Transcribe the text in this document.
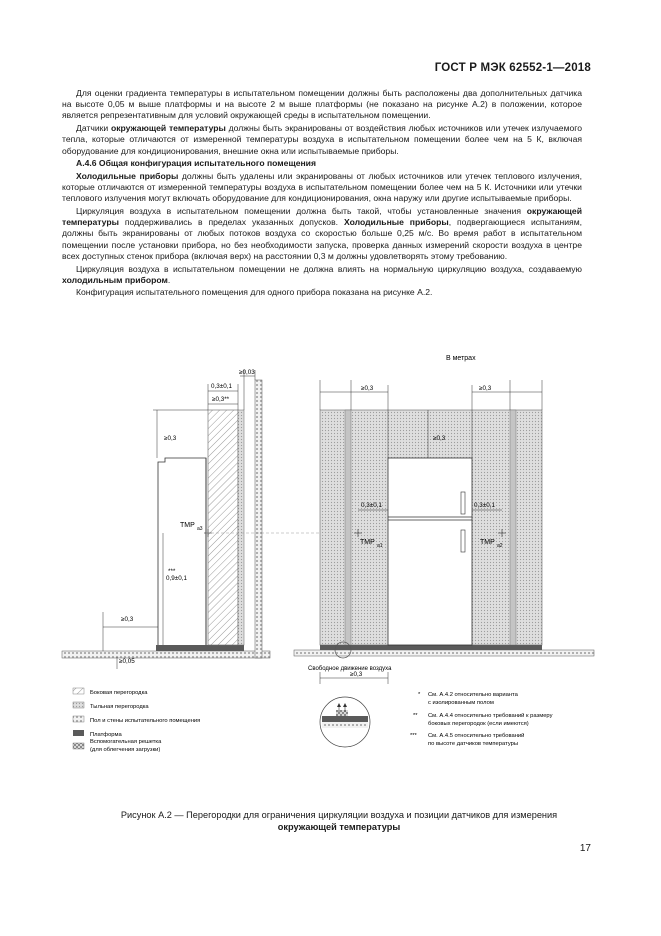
ГОСТ Р МЭК 62552-1—2018

Для оценки градиента температуры в испытательном помещении должны быть расположены два дополнительных датчика на высоте 0,05 м выше платформы и на высоте 2 м выше платформы (не показано на рисунке А.2) в положении, которое является репрезентативным для условий окружающей среды в испытательном помещении.

Датчики окружающей температуры должны быть экранированы от воздействия любых источников или утечек излучаемого тепла, которые отличаются от измеренной температуры воздуха в испытательном помещении более чем на 5 К, включая оборудование для кондиционирования, внешние окна или испытываемые приборы.

А.4.6 Общая конфигурация испытательного помещения

Холодильные приборы должны быть удалены или экранированы от любых источников или утечек теплового излучения, которые отличаются от измеренной температуры воздуха в испытательном помещении более чем на 5 К. Источники или утечки теплового излучения могут включать оборудование для кондиционирования, окна наружу или другие испытываемые приборы.

Циркуляция воздуха в испытательном помещении должна быть такой, чтобы установленные значения окружающей температуры поддерживались в пределах указанных допусков. Холодильные приборы, подвергающиеся испытаниям, должны быть экранированы от любых потоков воздуха со скоростью больше 0,25 м/с. Во время работ в испытательном помещении после установки прибора, но без необходимости запуска, проверка данных измерений скорости воздуха в центре всех доступных стенок прибора (включая верх) на расстоянии 0,3 м должны удовлетворять этому требованию.

Циркуляция воздуха в испытательном помещении не должна влиять на нормальную циркуляцию воздуха, создаваемую холодильным прибором.

Конфигурация испытательного помещения для одного прибора показана на рисунке А.2.

≥0,03
0,3±0,1
≥0,3**
≥0,3
***
0,9±0,1
TMP a3
≥0,3
≥0,05
В метрах
≥0,3	≥0,3
≥0,3
0,3±0,1	0,3±0,1
TMP a1	TMP a2
Свободное движение воздуха
≥0,3
Боковая перегородка
Тыльная перегородка
Пол и стены испытательного помещения
Платформа
Вспомогательная решетка
(для облегчения загрузки)
* См. А.4.2 относительно варианта
с изолированным полом
** См. А.4.4 относительно требований к размеру
боковых перегородок (если имеются)
*** См. А.4.5 относительно требований
по высоте датчиков температуры
Рисунок А.2 — Перегородки для ограничения циркуляции воздуха и позиции датчиков для измерения
окружающей температуры
17
